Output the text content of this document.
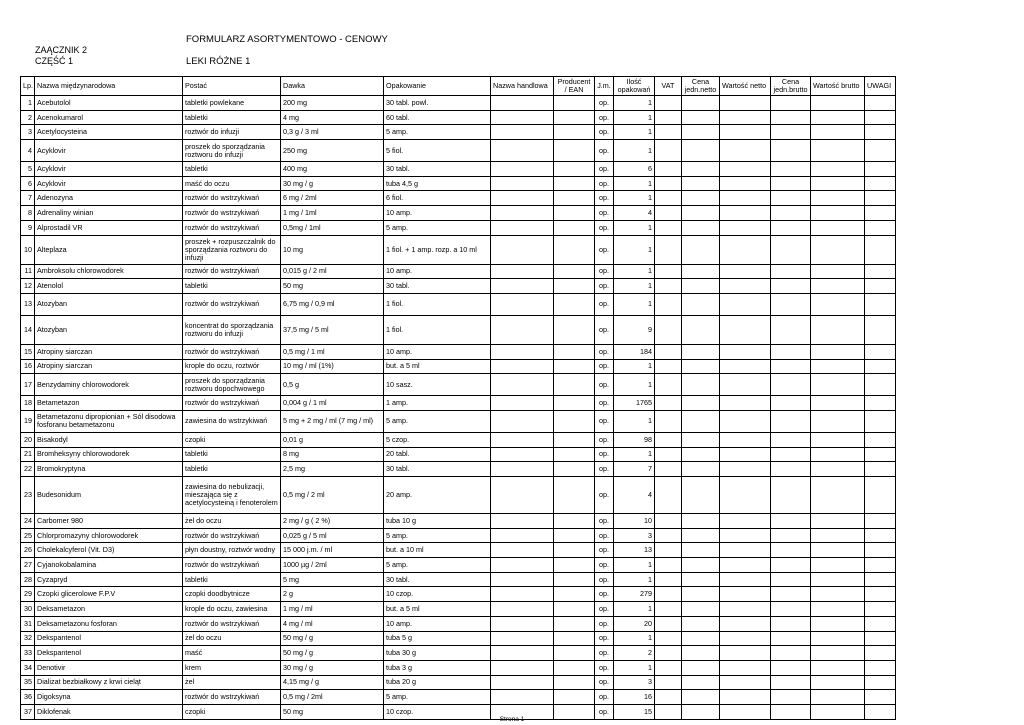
FORMULARZ ASORTYMENTOWO - CENOWY
ZAĄCZNIK 2
CZĘŚĆ 1	LEKI RÓŻNE 1
Lp.	Nazwa międzynarodowa	Postać	Dawka	Opakowanie	Nazwa handlowa	Producent / EAN	J.m.	Ilość opakowań	VAT	Cena jedn.netto	Wartość netto	Cena jedn.brutto	Wartość brutto	UWAGI
1	Acebutolol	tabletki powlekane	200 mg	30 tabl. powl.			op.	1						
2	Acenokumarol	tabletki	4 mg	60 tabl.			op.	1						
3	Acetylocysteina	roztwór do infuzji	0,3 g / 3 ml	5 amp.			op.	1						
4	Acyklovir	proszek do sporządzania roztworu do infuzji	250 mg	5 fiol.			op.	1						
5	Acyklovir	tabletki	400 mg	30 tabl.			op.	6						
6	Acyklovir	maść do oczu	30 mg / g	tuba 4,5 g			op.	1						
7	Adenozyna	roztwór do wstrzykiwań	6 mg / 2ml	6 fiol.			op.	1						
8	Adrenaliny winian	roztwór do wstrzykiwań	1 mg / 1ml	10 amp.			op.	4						
9	Alprostadil VR	roztwór do wstrzykiwań	0,5mg / 1ml	5 amp.			op.	1						
10	Alteplaza	proszek + rozpuszczalnik do sporządzania roztworu do infuzji	10 mg	1 fiol. + 1 amp. rozp. a 10 ml			op.	1						
11	Ambroksolu chlorowodorek	roztwór do wstrzykiwań	0,015 g / 2 ml	10 amp.			op.	1						
12	Atenolol	tabletki	50 mg	30 tabl.			op.	1						
13	Atozyban	roztwór do wstrzykiwań	6,75 mg / 0,9 ml	1 fiol.			op.	1						
14	Atozyban	koncentrat do sporządzania roztworu do infuzji	37,5 mg / 5 ml	1 fiol.			op.	9						
15	Atropiny siarczan	roztwór do wstrzykiwań	0,5 mg / 1 ml	10 amp.			op.	184						
16	Atropiny siarczan	krople do oczu, roztwór	10 mg / ml (1%)	but. a 5 ml			op.	1						
17	Benzydaminy chlorowodorek	proszek do sporządzania roztworu dopochwowego	0,5 g	10 sasz.			op.	1						
18	Betametazon	roztwór do wstrzykiwań	0,004 g / 1 ml	1 amp.			op.	1765						
19	Betametazonu dipropionian + Sól disodowa fosforanu betametazonu	zawiesina do wstrzykiwań	5 mg + 2 mg / ml (7 mg / ml)	5 amp.			op.	1						
20	Bisakodyl	czopki	0,01 g	5 czop.			op.	98						
21	Bromheksyny chlorowodorek	tabletki	8 mg	20 tabl.			op.	1						
22	Bromokryptyna	tabletki	2,5 mg	30 tabl.			op.	7						
23	Budesonidum	zawiesina do nebulizacji, mieszająca się z acetylocysteiną i fenoterolem	0,5 mg / 2 ml	20 amp.			op.	4						
24	Carbomer 980	żel do oczu	2 mg / g ( 2 %)	tuba 10 g			op.	10						
25	Chlorpromazyny chlorowodorek	roztwór do wstrzykiwań	0,025 g / 5 ml	5 amp.			op.	3						
26	Cholekalcyferol (Vit. D3)	płyn doustny, roztwór wodny	15 000 j.m. / ml	but. a 10 ml			op.	13						
27	Cyjanokobalamina	roztwór do wstrzykiwań	1000 µg / 2ml	5 amp.			op.	1						
28	Cyzapryd	tabletki	5 mg	30 tabl.			op.	1						
29	Czopki glicerolowe F.P.V	czopki doodbytnicze	2 g	10 czop.			op.	279						
30	Deksametazon	krople do oczu, zawiesina	1 mg / ml	but. a 5 ml			op.	1						
31	Deksametazonu fosforan	roztwór do wstrzykiwań	4 mg / ml	10 amp.			op.	20						
32	Dekspantenol	żel do oczu	50 mg / g	tuba 5 g			op.	1						
33	Dekspantenol	maść	50 mg / g	tuba 30 g			op.	2						
34	Denotivir	krem	30 mg / g	tuba 3 g			op.	1						
35	Dializat bezbiałkowy z krwi cieląt	żel	4,15 mg / g	tuba 20 g			op.	3						
36	Digoksyna	roztwór do wstrzykiwań	0,5 mg / 2ml	5 amp.			op.	16						
37	Diklofenak	czopki	50 mg	10 czop.			op.	15						
Strona 1
